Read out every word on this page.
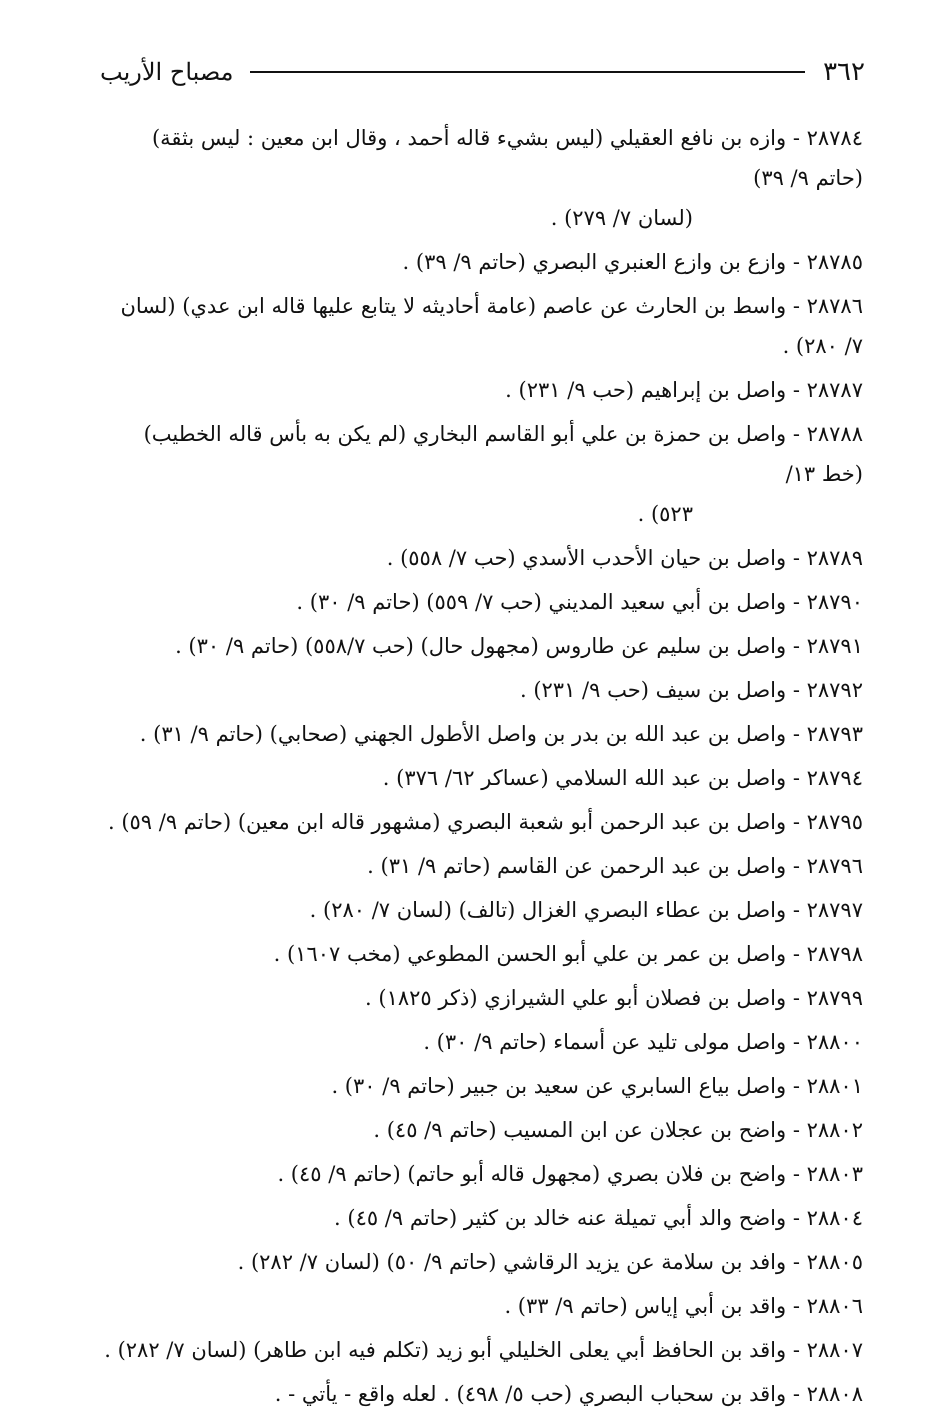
٣٦٢
مصباح الأريب
٢٨٧٨٤ - وازه بن نافع العقيلي (ليس بشيء قاله أحمد ، وقال ابن معين : ليس بثقة) (حاتم ٩/ ٣٩)
(لسان ٧/ ٢٧٩) .
٢٨٧٨٥ - وازع بن وازع العنبري البصري (حاتم ٩/ ٣٩) .
٢٨٧٨٦ - واسط بن الحارث عن عاصم (عامة أحاديثه لا يتابع عليها قاله ابن عدي) (لسان ٧/ ٢٨٠) .
٢٨٧٨٧ - واصل بن إبراهيم (حب ٩/ ٢٣١) .
٢٨٧٨٨ - واصل بن حمزة بن علي أبو القاسم البخاري (لم يكن به بأس قاله الخطيب) (خط ١٣/
٥٢٣) .
٢٨٧٨٩ - واصل بن حيان الأحدب الأسدي (حب ٧/ ٥٥٨) .
٢٨٧٩٠ - واصل بن أبي سعيد المديني (حب ٧/ ٥٥٩) (حاتم ٩/ ٣٠) .
٢٨٧٩١ - واصل بن سليم عن طاروس (مجهول حال) (حب ٥٥٨/٧) (حاتم ٩/ ٣٠) .
٢٨٧٩٢ - واصل بن سيف (حب ٩/ ٢٣١) .
٢٨٧٩٣ - واصل بن عبد الله بن بدر بن واصل الأطول الجهني (صحابي) (حاتم ٩/ ٣١) .
٢٨٧٩٤ - واصل بن عبد الله السلامي (عساكر ٦٢/ ٣٧٦) .
٢٨٧٩٥ - واصل بن عبد الرحمن أبو شعبة البصري (مشهور قاله ابن معين) (حاتم ٩/ ٥٩) .
٢٨٧٩٦ - واصل بن عبد الرحمن عن القاسم (حاتم ٩/ ٣١) .
٢٨٧٩٧ - واصل بن عطاء البصري الغزال (تالف) (لسان ٧/ ٢٨٠) .
٢٨٧٩٨ - واصل بن عمر بن علي أبو الحسن المطوعي (مخب ١٦٠٧) .
٢٨٧٩٩ - واصل بن فصلان أبو علي الشيرازي (ذكر ١٨٢٥) .
٢٨٨٠٠ - واصل مولى تليد عن أسماء (حاتم ٩/ ٣٠) .
٢٨٨٠١ - واصل بياع السابري عن سعيد بن جبير (حاتم ٩/ ٣٠) .
٢٨٨٠٢ - واضح بن عجلان عن ابن المسيب (حاتم ٩/ ٤٥) .
٢٨٨٠٣ - واضح بن فلان بصري (مجهول قاله أبو حاتم) (حاتم ٩/ ٤٥) .
٢٨٨٠٤ - واضح والد أبي تميلة عنه خالد بن كثير (حاتم ٩/ ٤٥) .
٢٨٨٠٥ - وافد بن سلامة عن يزيد الرقاشي (حاتم ٩/ ٥٠) (لسان ٧/ ٢٨٢) .
٢٨٨٠٦ - واقد بن أبي إياس (حاتم ٩/ ٣٣) .
٢٨٨٠٧ - واقد بن الحافظ أبي يعلى الخليلي أبو زيد (تكلم فيه ابن طاهر) (لسان ٧/ ٢٨٢) .
٢٨٨٠٨ - واقد بن سحباب البصري (حب ٥/ ٤٩٨) . لعله واقع - يأتي - .
